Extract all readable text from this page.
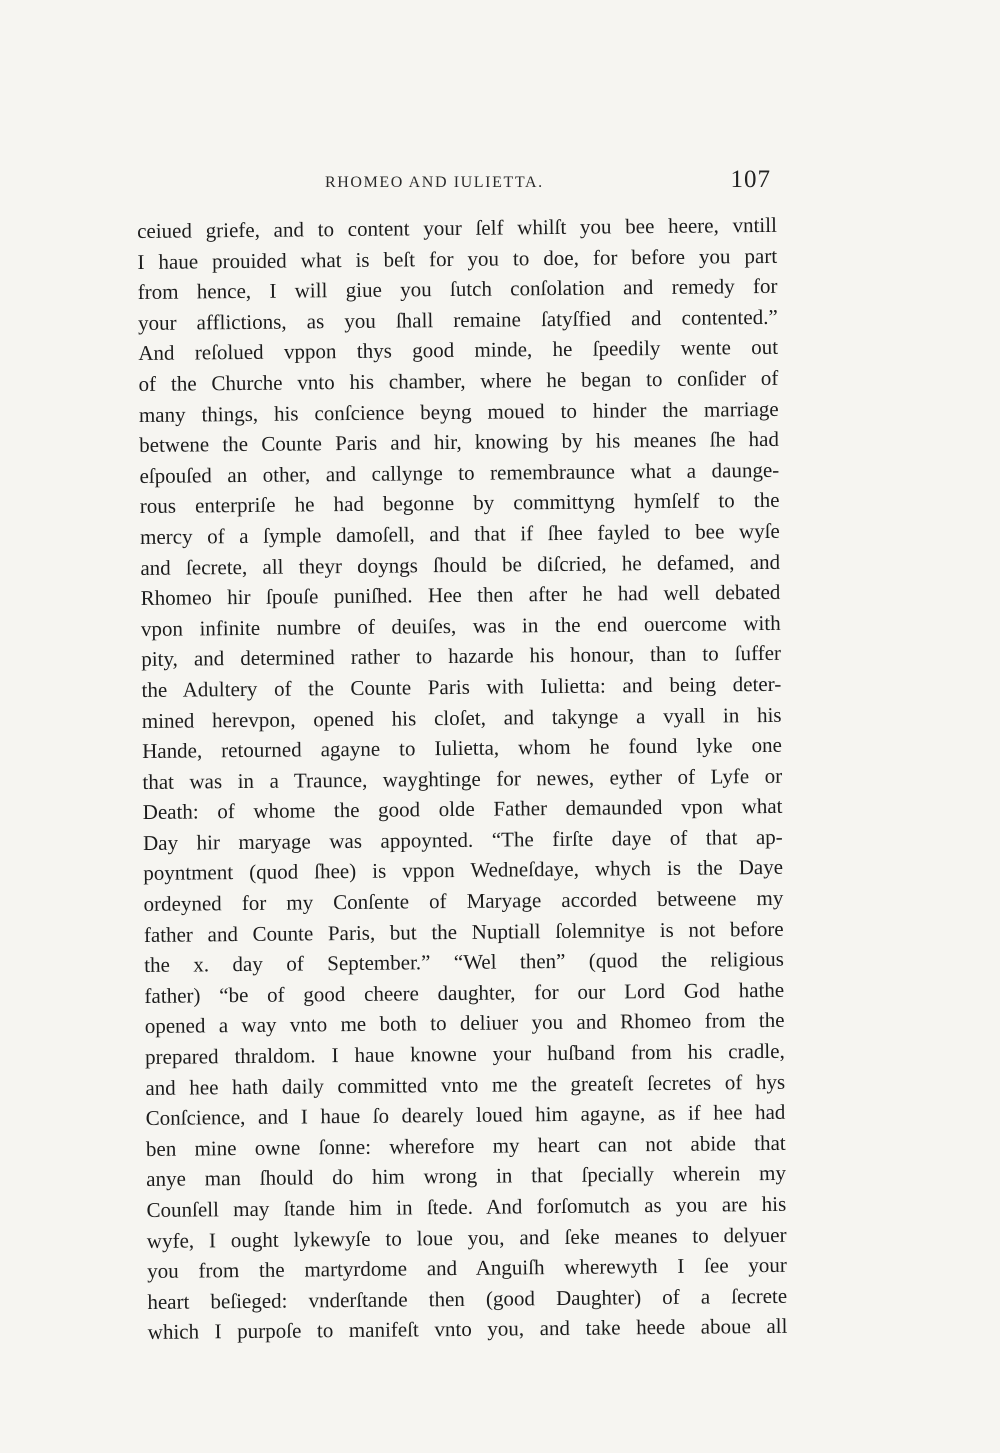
RHOMEO AND IULIETTA.	107
ceiued griefe, and to content your ſelf whilſt you bee heere, vntill
I haue prouided what is beſt for you to doe, for before you part
from hence, I will giue you ſutch conſolation and remedy for
your afflictions, as you ſhall remaine ſatyſfied and contented.”
And reſolued vppon thys good minde, he ſpeedily wente out
of the Churche vnto his chamber, where he began to conſider of
many things, his conſcience beyng moued to hinder the marriage
betwene the Counte Paris and hir, knowing by his meanes ſhe had
eſpouſed an other, and callynge to remembraunce what a daunge-
rous enterpriſe he had begonne by committyng hymſelf to the
mercy of a ſymple damoſell, and that if ſhee fayled to bee wyſe
and ſecrete, all theyr doyngs ſhould be diſcried, he defamed, and
Rhomeo hir ſpouſe puniſhed. Hee then after he had well debated
vpon infinite numbre of deuiſes, was in the end ouercome with
pity, and determined rather to hazarde his honour, than to ſuffer
the Adultery of the Counte Paris with Iulietta: and being deter-
mined herevpon, opened his cloſet, and takynge a vyall in his
Hande, retourned agayne to Iulietta, whom he found lyke one
that was in a Traunce, wayghtinge for newes, eyther of Lyfe or
Death: of whome the good olde Father demaunded vpon what
Day hir maryage was appoynted. “The firſte daye of that ap-
poyntment (quod ſhee) is vppon Wedneſdaye, whych is the Daye
ordeyned for my Conſente of Maryage accorded betweene my
father and Counte Paris, but the Nuptiall ſolemnitye is not before
the x. day of September.” “Wel then” (quod the religious
father) “be of good cheere daughter, for our Lord God hathe
opened a way vnto me both to deliuer you and Rhomeo from the
prepared thraldom. I haue knowne your huſband from his cradle,
and hee hath daily committed vnto me the greateſt ſecretes of hys
Conſcience, and I haue ſo dearely loued him agayne, as if hee had
ben mine owne ſonne: wherefore my heart can not abide that
anye man ſhould do him wrong in that ſpecially wherein my
Counſell may ſtande him in ſtede. And forſomutch as you are his
wyfe, I ought lykewyſe to loue you, and ſeke meanes to delyuer
you from the martyrdome and Anguiſh wherewyth I ſee your
heart beſieged: vnderſtande then (good Daughter) of a ſecrete
which I purpoſe to manifeſt vnto you, and take heede aboue all
